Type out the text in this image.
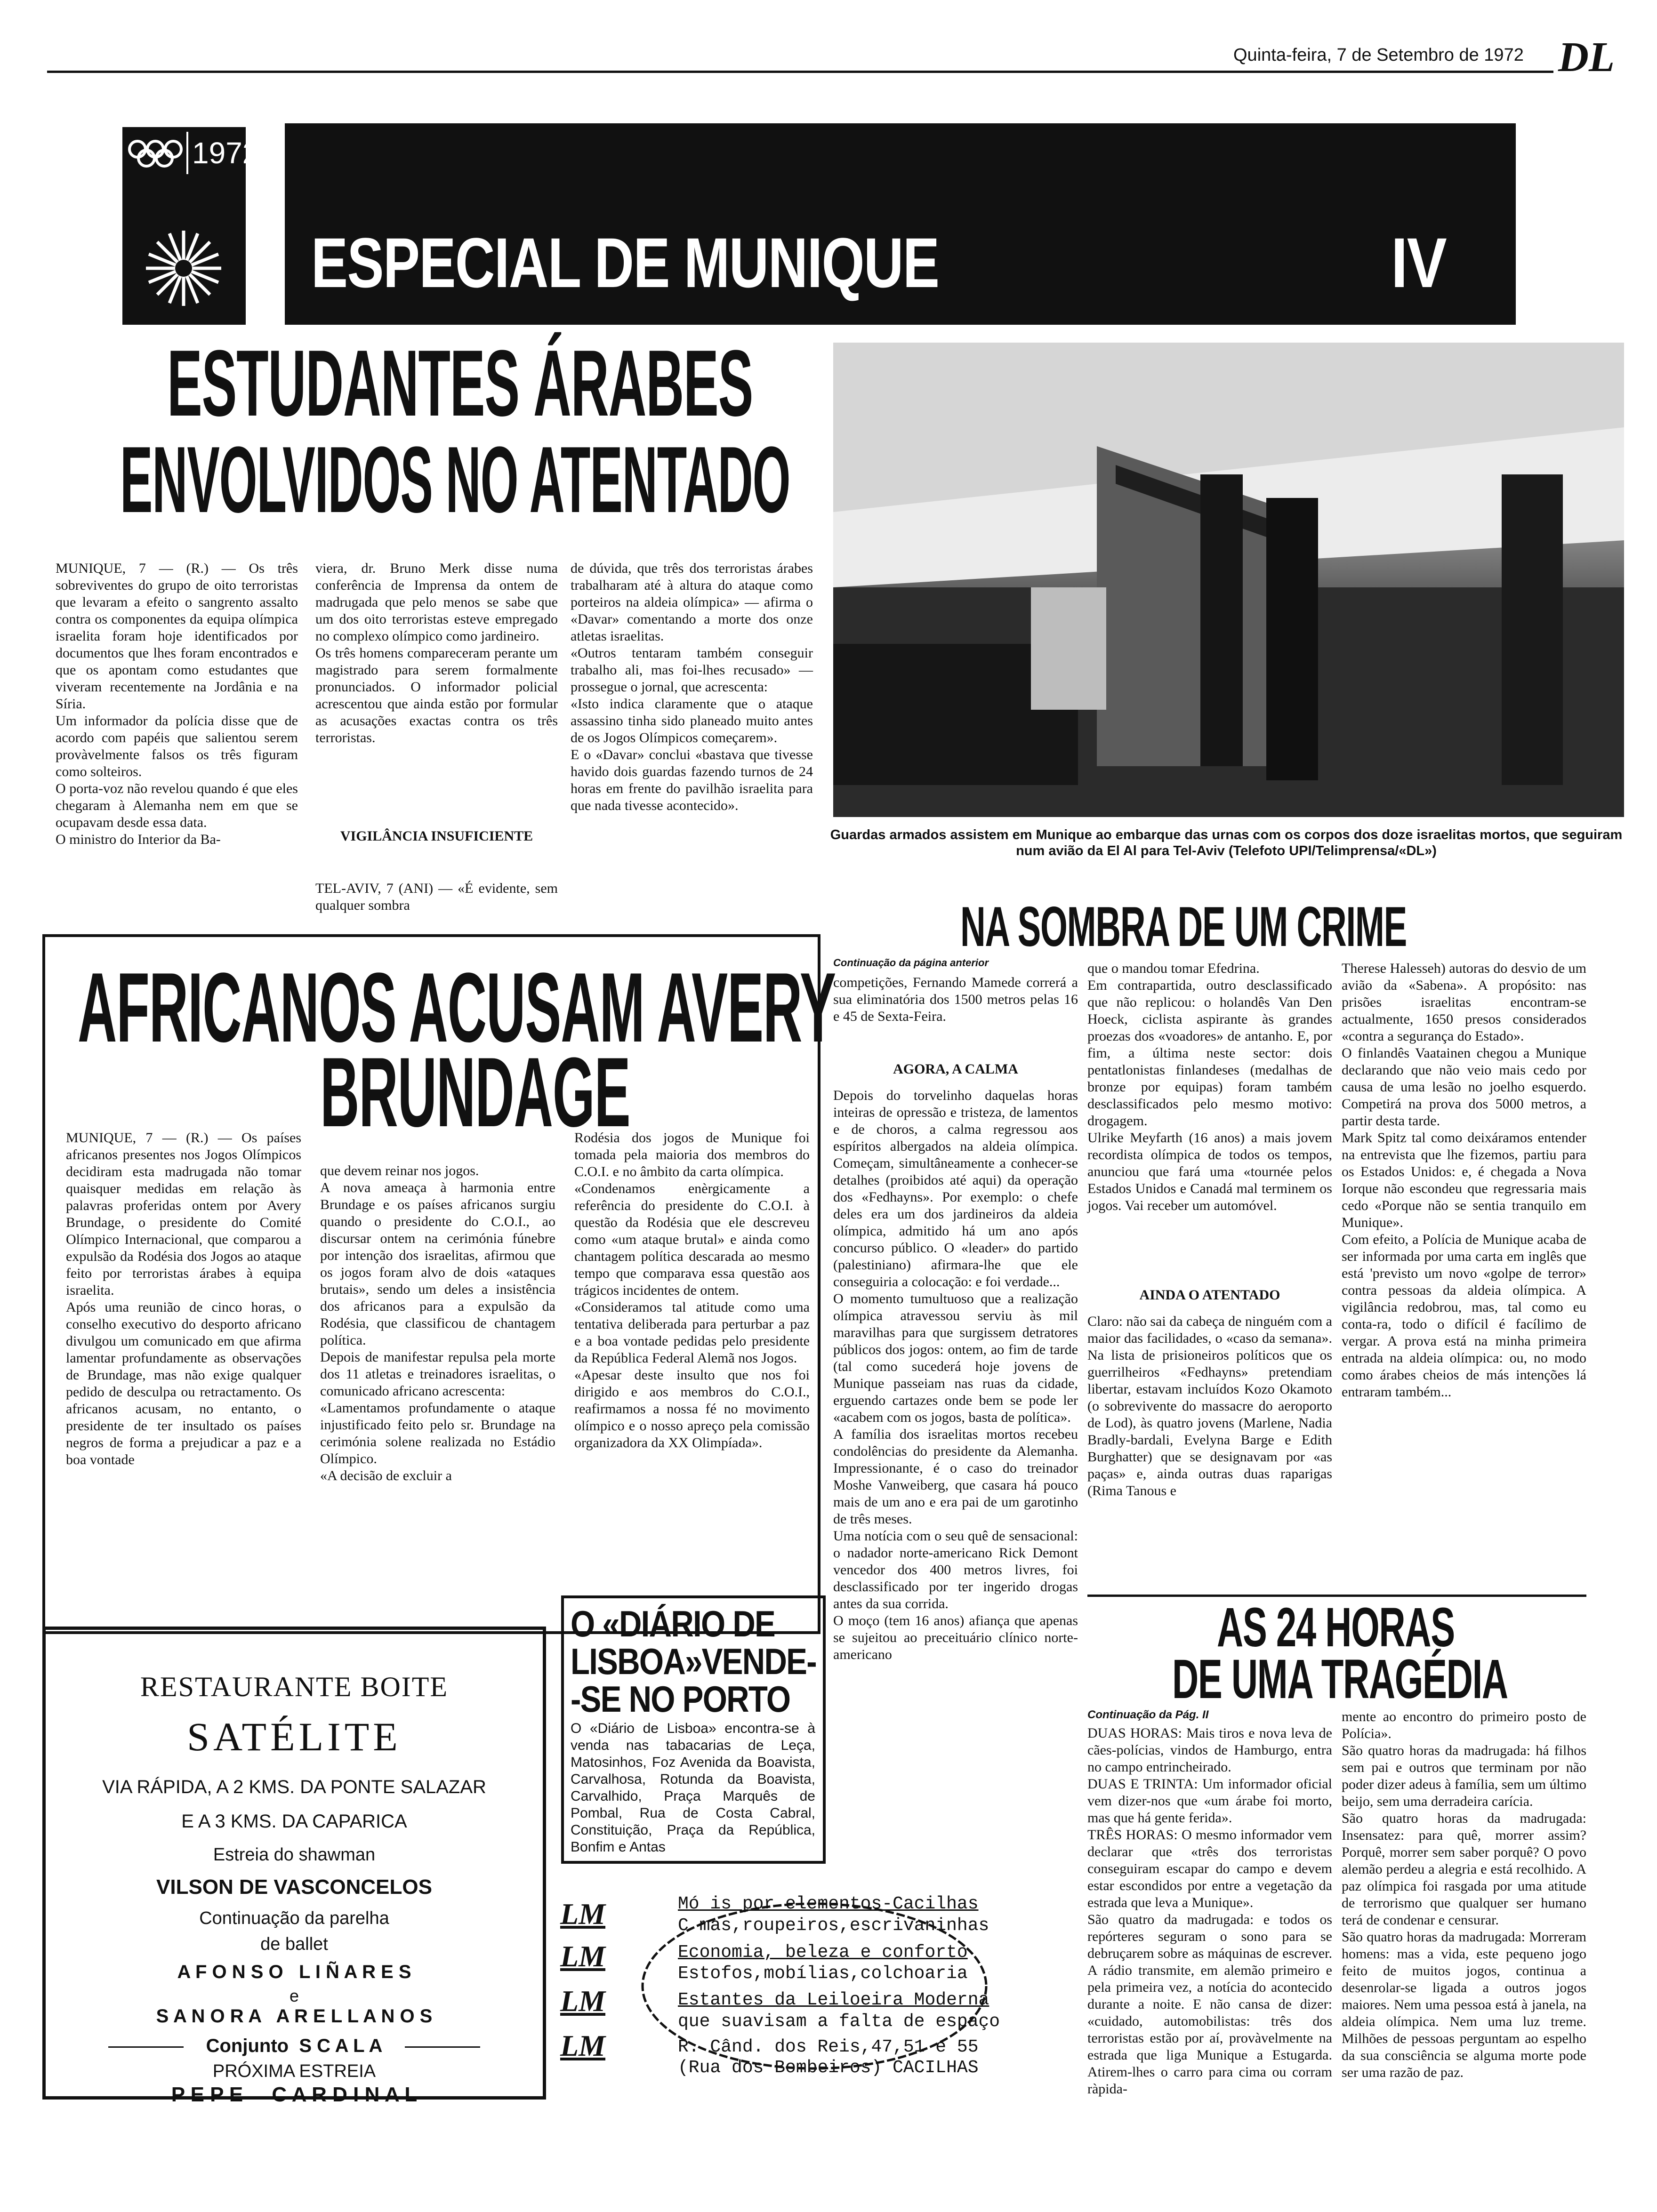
Quinta-feira, 7 de Setembro de 1972 DL
1972
ESPECIAL DE MUNIQUE	IV
ESTUDANTES ÁRABES
ENVOLVIDOS NO ATENTADO
MUNIQUE, 7 — (R.) — Os três sobreviventes do grupo de oito terroristas que levaram a efeito o sangrento assalto contra os componentes da equipa olímpica israelita foram hoje identificados por documentos que lhes foram encontrados e que os apontam como estudantes que viveram recentemente na Jordânia e na Síria.
Um informador da polícia disse que de acordo com papéis que salientou serem provàvelmente falsos os três figuram como solteiros.
O porta-voz não revelou quando é que eles chegaram à Alemanha nem em que se ocupavam desde essa data.
O ministro do Interior da Ba-
viera, dr. Bruno Merk disse numa conferência de Imprensa da ontem de madrugada que pelo menos se sabe que um dos oito terroristas esteve empregado no complexo olímpico como jardineiro.
Os três homens compareceram perante um magistrado para serem formalmente pronunciados. O informador policial acrescentou que ainda estão por formular as acusações exactas contra os três terroristas.
VIGILÂNCIA INSUFICIENTE
TEL-AVIV, 7 (ANI) — «É evidente, sem qualquer sombra
de dúvida, que três dos terroristas árabes trabalharam até à altura do ataque como porteiros na aldeia olímpica» — afirma o «Davar» comentando a morte dos onze atletas israelitas.
«Outros tentaram também conseguir trabalho ali, mas foi-lhes recusado» — prossegue o jornal, que acrescenta:
«Isto indica claramente que o ataque assassino tinha sido planeado muito antes de os Jogos Olímpicos começarem».
E o «Davar» conclui «bastava que tivesse havido dois guardas fazendo turnos de 24 horas em frente do pavilhão israelita para que nada tivesse acontecido».
Guardas armados assistem em Munique ao embarque das urnas com os corpos dos doze israelitas mortos, que seguiram num avião da El Al para Tel-Aviv (Telefoto UPI/Telimprensa/«DL»)
AFRICANOS ACUSAM AVERY
BRUNDAGE
MUNIQUE, 7 — (R.) — Os países africanos presentes nos Jogos Olímpicos decidiram esta madrugada não tomar quaisquer medidas em relação às palavras proferidas ontem por Avery Brundage, o presidente do Comité Olímpico Internacional, que comparou a expulsão da Rodésia dos Jogos ao ataque feito por terroristas árabes à equipa israelita.
Após uma reunião de cinco horas, o conselho executivo do desporto africano divulgou um comunicado em que afirma lamentar profundamente as observações de Brundage, mas não exige qualquer pedido de desculpa ou retractamento. Os africanos acusam, no entanto, o presidente de ter insultado os países negros de forma a prejudicar a paz e a boa vontade
que devem reinar nos jogos.
A nova ameaça à harmonia entre Brundage e os países africanos surgiu quando o presidente do C.O.I., ao discursar ontem na cerimónia fúnebre por intenção dos israelitas, afirmou que os jogos foram alvo de dois «ataques brutais», sendo um deles a insistência dos africanos para a expulsão da Rodésia, que classificou de chantagem política.
Depois de manifestar repulsa pela morte dos 11 atletas e treinadores israelitas, o comunicado africano acrescenta:
«Lamentamos profundamente o ataque injustificado feito pelo sr. Brundage na cerimónia solene realizada no Estádio Olímpico.
«A decisão de excluir a
Rodésia dos jogos de Munique foi tomada pela maioria dos membros do C.O.I. e no âmbito da carta olímpica.
«Condenamos enèrgicamente a referência do presidente do C.O.I. à questão da Rodésia que ele descreveu como «um ataque brutal» e ainda como chantagem política descarada ao mesmo tempo que comparava essa questão aos trágicos incidentes de ontem.
«Consideramos tal atitude como uma tentativa deliberada para perturbar a paz e a boa vontade pedidas pelo presidente da República Federal Alemã nos Jogos.
«Apesar deste insulto que nos foi dirigido e aos membros do C.O.I., reafirmamos a nossa fé no movimento olímpico e o nosso apreço pela comissão organizadora da XX Olimpíada».
NA SOMBRA DE UM CRIME
Continuação da página anterior
competições, Fernando Mamede correrá a sua eliminatória dos 1500 metros pelas 16 e 45 de Sexta-Feira.
AGORA, A CALMA
Depois do torvelinho daquelas horas inteiras de opressão e tristeza, de lamentos e de choros, a calma regressou aos espíritos albergados na aldeia olímpica. Começam, simultâneamente a conhecer-se detalhes (proibidos até aqui) da operação dos «Fedhayns». Por exemplo: o chefe deles era um dos jardineiros da aldeia olímpica, admitido há um ano após concurso público. O «leader» do partido (palestiniano) afirmara-lhe que ele conseguiria a colocação: e foi verdade...
O momento tumultuoso que a realização olímpica atravessou serviu às mil maravilhas para que surgissem detratores públicos dos jogos: ontem, ao fim de tarde (tal como sucederá hoje jovens de Munique passeiam nas ruas da cidade, erguendo cartazes onde bem se pode ler «acabem com os jogos, basta de política».
A família dos israelitas mortos recebeu condolências do presidente da Alemanha. Impressionante, é o caso do treinador Moshe Vanweiberg, que casara há pouco mais de um ano e era pai de um garotinho de três meses.
Uma notícia com o seu quê de sensacional: o nadador norte-americano Rick Demont vencedor dos 400 metros livres, foi desclassificado por ter ingerido drogas antes da sua corrida.
O moço (tem 16 anos) afiança que apenas se sujeitou ao preceituário clínico norte-americano
que o mandou tomar Efedrina.
Em contrapartida, outro desclassificado que não replicou: o holandês Van Den Hoeck, ciclista aspirante às grandes proezas dos «voadores» de antanho. E, por fim, a última neste sector: dois pentatlonistas finlandeses (medalhas de bronze por equipas) foram também desclassificados pelo mesmo motivo: drogagem.
Ulrike Meyfarth (16 anos) a mais jovem recordista olímpica de todos os tempos, anunciou que fará uma «tournée pelos Estados Unidos e Canadá mal terminem os jogos. Vai receber um automóvel.
AINDA O ATENTADO
Claro: não sai da cabeça de ninguém com a maior das facilidades, o «caso da semana». Na lista de prisioneiros políticos que os guerrilheiros «Fedhayns» pretendiam libertar, estavam incluídos Kozo Okamoto (o sobrevivente do massacre do aeroporto de Lod), às quatro jovens (Marlene, Nadia Bradly-bardali, Evelyna Barge e Edith Burghatter) que se designavam por «as paças» e, ainda outras duas raparigas (Rima Tanous e
Therese Halesseh) autoras do desvio de um avião da «Sabena». A propósito: nas prisões israelitas encontram-se actualmente, 1650 presos considerados «contra a segurança do Estado».
O finlandês Vaatainen chegou a Munique declarando que não veio mais cedo por causa de uma lesão no joelho esquerdo. Competirá na prova dos 5000 metros, a partir desta tarde.
Mark Spitz tal como deixáramos entender na entrevista que lhe fizemos, partiu para os Estados Unidos: e, é chegada a Nova Iorque não escondeu que regressaria mais cedo «Porque não se sentia tranquilo em Munique».
Com efeito, a Polícia de Munique acaba de ser informada por uma carta em inglês que está 'previsto um novo «golpe de terror» contra pessoas da aldeia olímpica. A vigilância redobrou, mas, tal como eu conta-ra, todo o difícil é facílimo de vergar. A prova está na minha primeira entrada na aldeia olímpica: ou, no modo como árabes cheios de más intenções lá entraram também...
AS 24 HORAS
DE UMA TRAGÉDIA
Continuação da Pág. II
DUAS HORAS: Mais tiros e nova leva de cães-polícias, vindos de Hamburgo, entra no campo entrincheirado.
DUAS E TRINTA: Um informador oficial vem dizer-nos que «um árabe foi morto, mas que há gente ferida».
TRÊS HORAS: O mesmo informador vem declarar que «três dos terroristas conseguiram escapar do campo e devem estar escondidos por entre a vegetação da estrada que leva a Munique».
São quatro da madrugada: e todos os repórteres seguram o sono para se debruçarem sobre as máquinas de escrever. A rádio transmite, em alemão primeiro e pela primeira vez, a notícia do acontecido durante a noite. E não cansa de dizer: «cuidado, automobilistas: três dos terroristas estão por aí, provàvelmente na estrada que liga Munique a Estugarda. Atirem-lhes o carro para cima ou corram ràpida-
mente ao encontro do primeiro posto de Polícia».
São quatro horas da madrugada: há filhos sem pai e outros que terminam por não poder dizer adeus à família, sem um último beijo, sem uma derradeira carícia.
São quatro horas da madrugada: Insensatez: para quê, morrer assim? Porquê, morrer sem saber porquê? O povo alemão perdeu a alegria e está recolhido. A paz olímpica foi rasgada por uma atitude de terrorismo que qualquer ser humano terá de condenar e censurar.
São quatro horas da madrugada: Morreram homens: mas a vida, este pequeno jogo feito de muitos jogos, continua a desenrolar-se ligada a outros jogos maiores. Nem uma pessoa está à janela, na aldeia olímpica. Nem uma luz treme. Milhões de pessoas perguntam ao espelho da sua consciência se alguma morte pode ser uma razão de paz.
O «DIÁRIO DE
LISBOA»VENDE-
-SE NO PORTO
O «Diário de Lisboa» encontra-se à venda nas tabacarias de Leça, Matosinhos, Foz Avenida da Boavista, Carvalhosa, Rotunda da Boavista, Carvalhido, Praça Marquês de Pombal, Rua de Costa Cabral, Constituição, Praça da República, Bonfim e Antas
RESTAURANTE BOITE
SATÉLITE
VIA RÁPIDA, A 2 KMS. DA PONTE SALAZAR
E A 3 KMS. DA CAPARICA
Estreia do shawman
VILSON DE VASCONCELOS
Continuação da parelha
de ballet
A F O N S O   L I Ñ A R E S
e
S A N O R A   A R E L L A N O S
Conjunto  S C A L A
PRÓXIMA ESTREIA
P E P E     C A R D I N A L
LM
LM
LM
LM
Mó is por elementos-Cacilhas
C mas,roupeiros,escrivaninhas
Economia, beleza e conforto
Estofos,mobílias,colchoaria
Estantes da Leiloeira Moderna
que suavisam a falta de espaço
R. Când. dos Reis,47,51 e 55
(Rua dos Bombeiros) CACILHAS
